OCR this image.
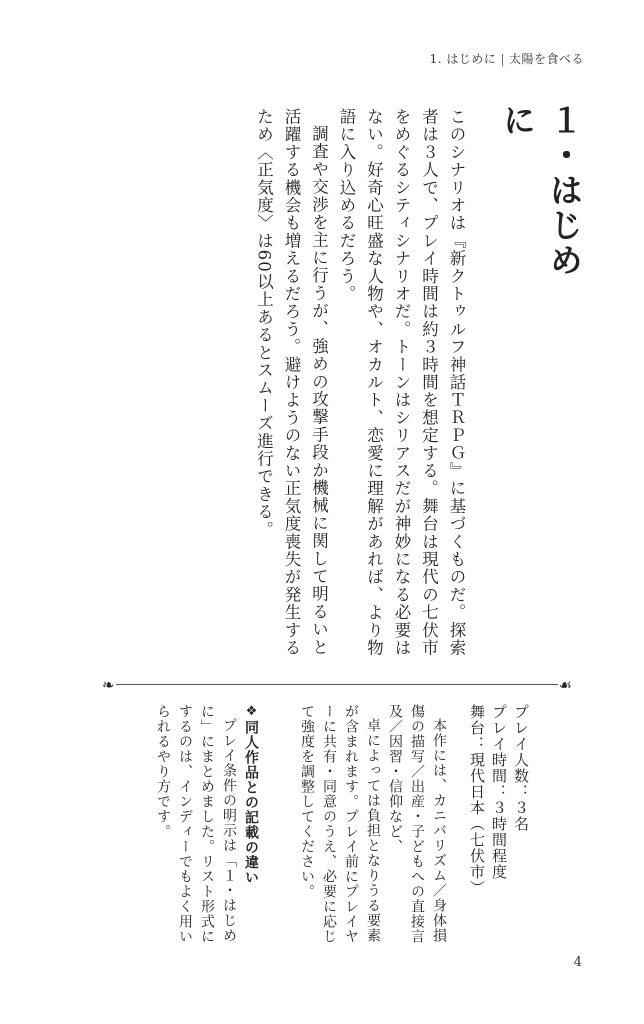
1. はじめに | 太陽を食べる
１・はじめに

このシナリオは『新クトゥルフ神話ＴＲＰＧ』に基づくものだ。探索者は３人で、プレイ時間は約３時間を想定する。舞台は現代の七伏市をめぐるシティシナリオだ。トーンはシリアスだが神妙になる必要はない。好奇心旺盛な人物や、オカルト、恋愛に理解があれば、より物語に入り込めるだろう。

調査や交渉を主に行うが、強めの攻撃手段か機械に関して明るいと活躍する機会も増えるだろう。避けようのない正気度喪失が発生するため〈正気度〉は60以上あるとスムーズ進行できる。

❧	☙
プレイ人数：３名
プレイ時間：３時間程度
舞台：現代日本（七伏市）

本作には、カニバリズム／身体損傷の描写／出産・子どもへの直接言及／因習・信仰など、

卓によっては負担となりうる要素が含まれます。プレイ前にプレイヤーに共有・同意のうえ、必要に応じて強度を調整してください。

❖同人作品との記載の違い

プレイ条件の明示は「１・はじめに」にまとめました。リスト形式にするのは、インディーでもよく用いられるやり方です。

4
